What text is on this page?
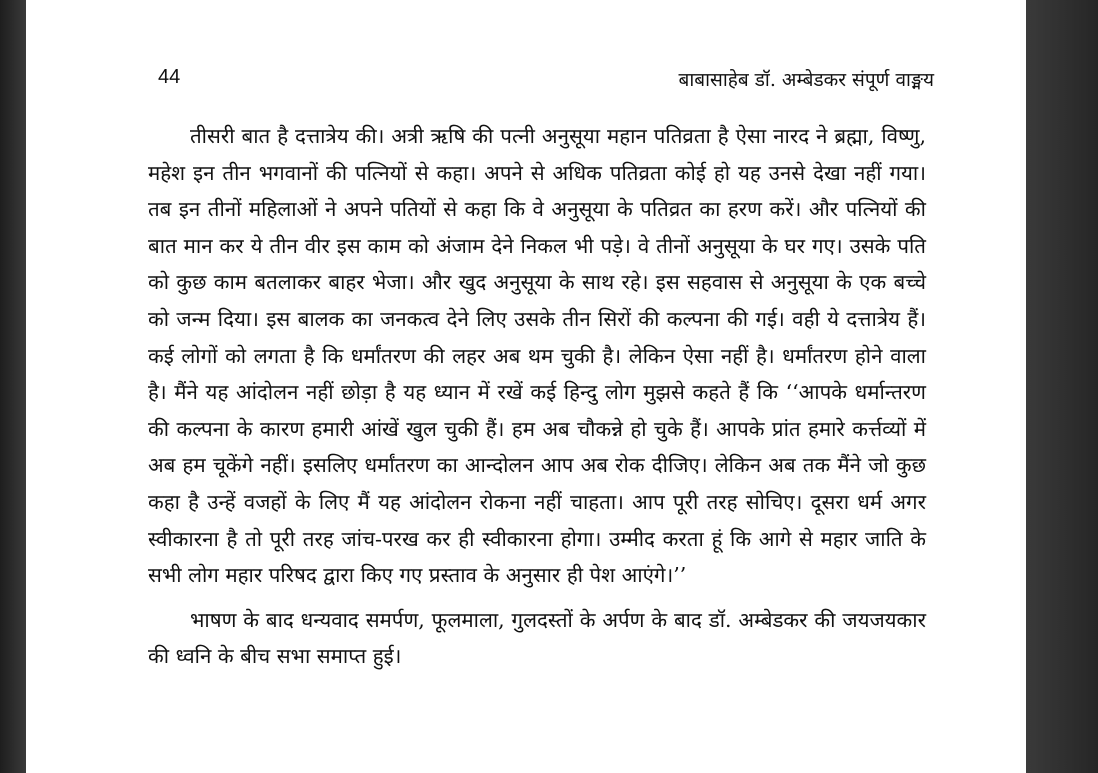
44	बाबासाहेब डॉ. अम्बेडकर संपूर्ण वाङ्मय

तीसरी बात है दत्तात्रेय की। अत्री ऋषि की पत्नी अनुसूया महान पतिव्रता है ऐसा नारद ने ब्रह्मा, विष्णु, महेश इन तीन भगवानों की पत्नियों से कहा। अपने से अधिक पतिव्रता कोई हो यह उनसे देखा नहीं गया। तब इन तीनों महिलाओं ने अपने पतियों से कहा कि वे अनुसूया के पतिव्रत का हरण करें। और पत्नियों की बात मान कर ये तीन वीर इस काम को अंजाम देने निकल भी पड़े। वे तीनों अनुसूया के घर गए। उसके पति को कुछ काम बतलाकर बाहर भेजा। और खुद अनुसूया के साथ रहे। इस सहवास से अनुसूया के एक बच्चे को जन्म दिया। इस बालक का जनकत्व देने लिए उसके तीन सिरों की कल्पना की गई। वही ये दत्तात्रेय हैं। कई लोगों को लगता है कि धर्मांतरण की लहर अब थम चुकी है। लेकिन ऐसा नहीं है। धर्मांतरण होने वाला है। मैंने यह आंदोलन नहीं छोड़ा है यह ध्यान में रखें कई हिन्दु लोग मुझसे कहते हैं कि ‘‘आपके धर्मान्तरण की कल्पना के कारण हमारी आंखें खुल चुकी हैं। हम अब चौकन्ने हो चुके हैं। आपके प्रांत हमारे कर्त्तव्यों में अब हम चूकेंगे नहीं। इसलिए धर्मांतरण का आन्दोलन आप अब रोक दीजिए। लेकिन अब तक मैंने जो कुछ कहा है उन्हें वजहों के लिए मैं यह आंदोलन रोकना नहीं चाहता। आप पूरी तरह सोचिए। दूसरा धर्म अगर स्वीकारना है तो पूरी तरह जांच-परख कर ही स्वीकारना होगा। उम्मीद करता हूं कि आगे से महार जाति के सभी लोग महार परिषद द्वारा किए गए प्रस्ताव के अनुसार ही पेश आएंगे।’’

भाषण के बाद धन्यवाद समर्पण, फूलमाला, गुलदस्तों के अर्पण के बाद डॉ. अम्बेडकर की जयजयकार की ध्वनि के बीच सभा समाप्त हुई।
